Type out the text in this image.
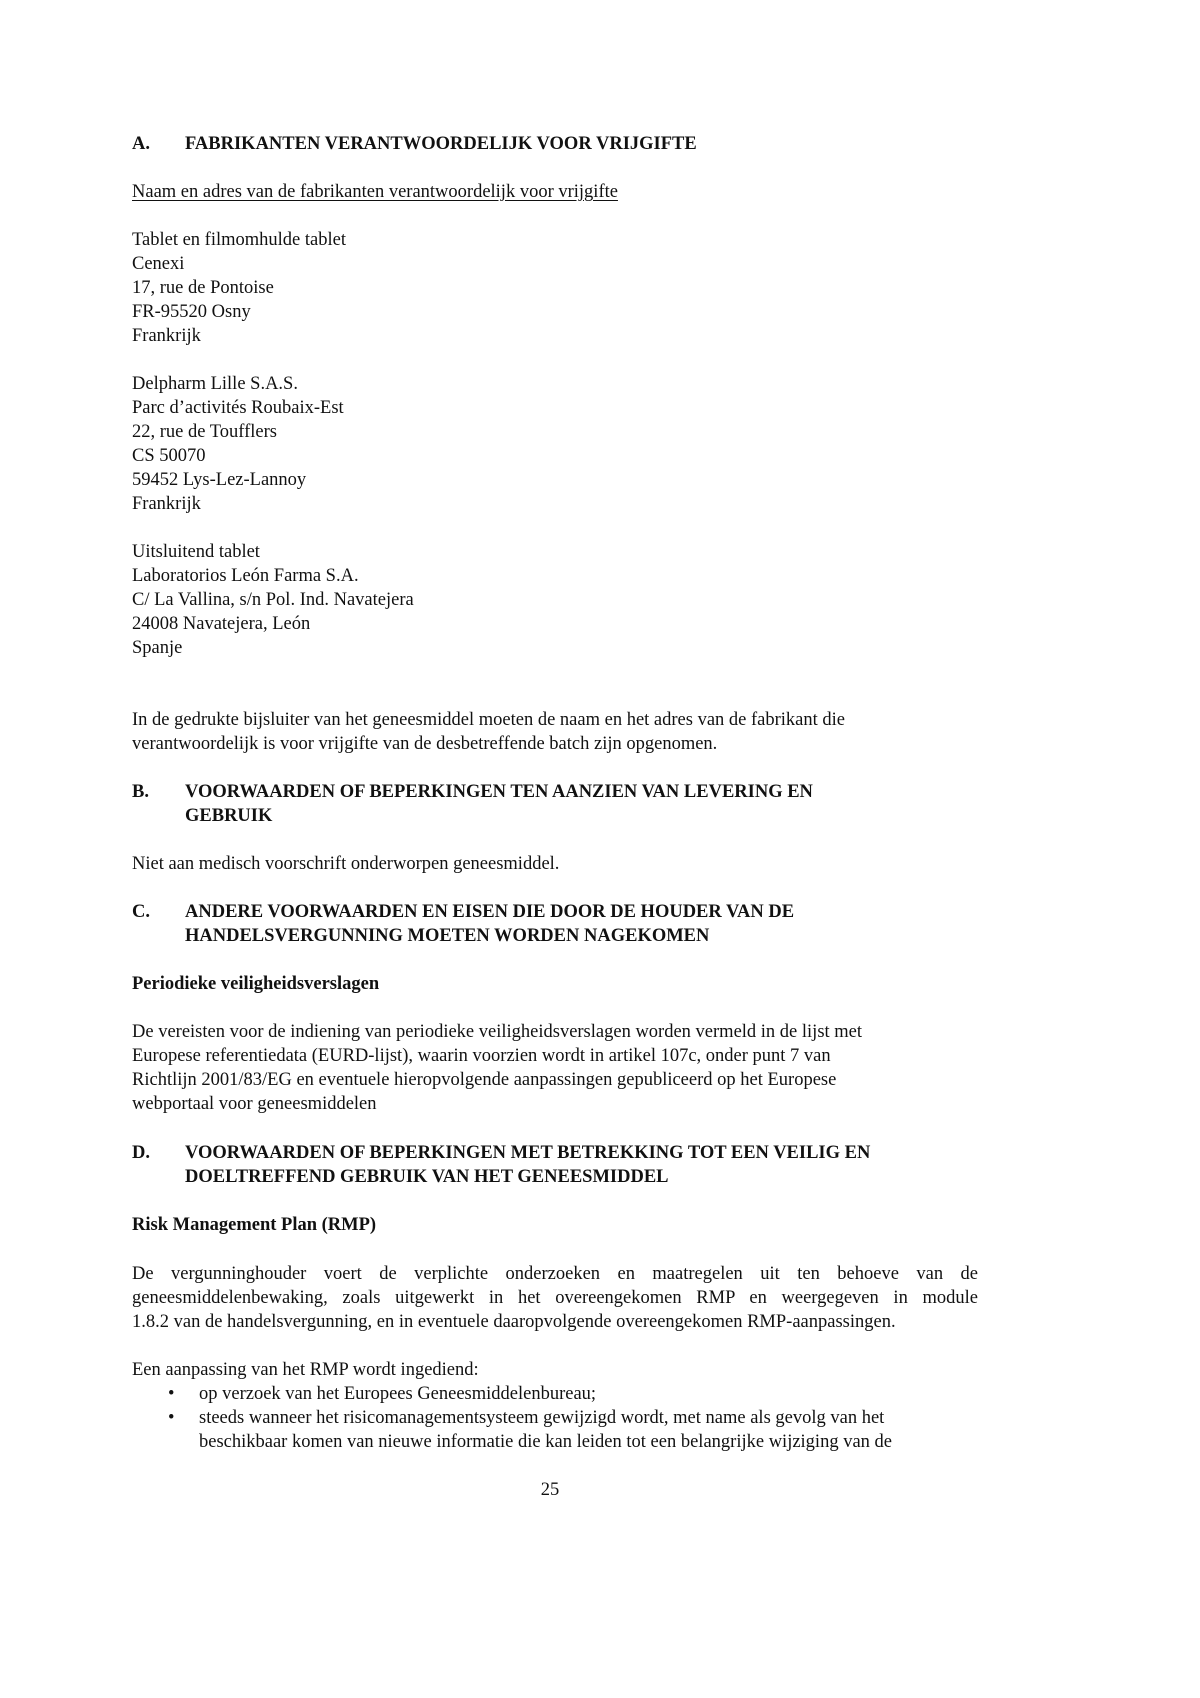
A. FABRIKANTEN VERANTWOORDELIJK VOOR VRIJGIFTE
Naam en adres van de fabrikanten verantwoordelijk voor vrijgifte
Tablet en filmomhulde tablet
Cenexi
17, rue de Pontoise
FR-95520 Osny
Frankrijk
Delpharm Lille S.A.S.
Parc d’activités Roubaix-Est
22, rue de Toufflers
CS 50070
59452 Lys-Lez-Lannoy
Frankrijk
Uitsluitend tablet
Laboratorios León Farma S.A.
C/ La Vallina, s/n Pol. Ind. Navatejera
24008 Navatejera, León
Spanje
In de gedrukte bijsluiter van het geneesmiddel moeten de naam en het adres van de fabrikant die
verantwoordelijk is voor vrijgifte van de desbetreffende batch zijn opgenomen.
B. VOORWAARDEN OF BEPERKINGEN TEN AANZIEN VAN LEVERING EN
GEBRUIK
Niet aan medisch voorschrift onderworpen geneesmiddel.
C. ANDERE VOORWAARDEN EN EISEN DIE DOOR DE HOUDER VAN DE
HANDELSVERGUNNING MOETEN WORDEN NAGEKOMEN
Periodieke veiligheidsverslagen
De vereisten voor de indiening van periodieke veiligheidsverslagen worden vermeld in de lijst met
Europese referentiedata (EURD-lijst), waarin voorzien wordt in artikel 107c, onder punt 7 van
Richtlijn 2001/83/EG en eventuele hieropvolgende aanpassingen gepubliceerd op het Europese
webportaal voor geneesmiddelen
D. VOORWAARDEN OF BEPERKINGEN MET BETREKKING TOT EEN VEILIG EN
DOELTREFFEND GEBRUIK VAN HET GENEESMIDDEL
Risk Management Plan (RMP)
De vergunninghouder voert de verplichte onderzoeken en maatregelen uit ten behoeve van de
geneesmiddelenbewaking, zoals uitgewerkt in het overeengekomen RMP en weergegeven in module
1.8.2 van de handelsvergunning, en in eventuele daaropvolgende overeengekomen RMP-aanpassingen.
Een aanpassing van het RMP wordt ingediend:
• op verzoek van het Europees Geneesmiddelenbureau;
• steeds wanneer het risicomanagementsysteem gewijzigd wordt, met name als gevolg van het
beschikbaar komen van nieuwe informatie die kan leiden tot een belangrijke wijziging van de
25
